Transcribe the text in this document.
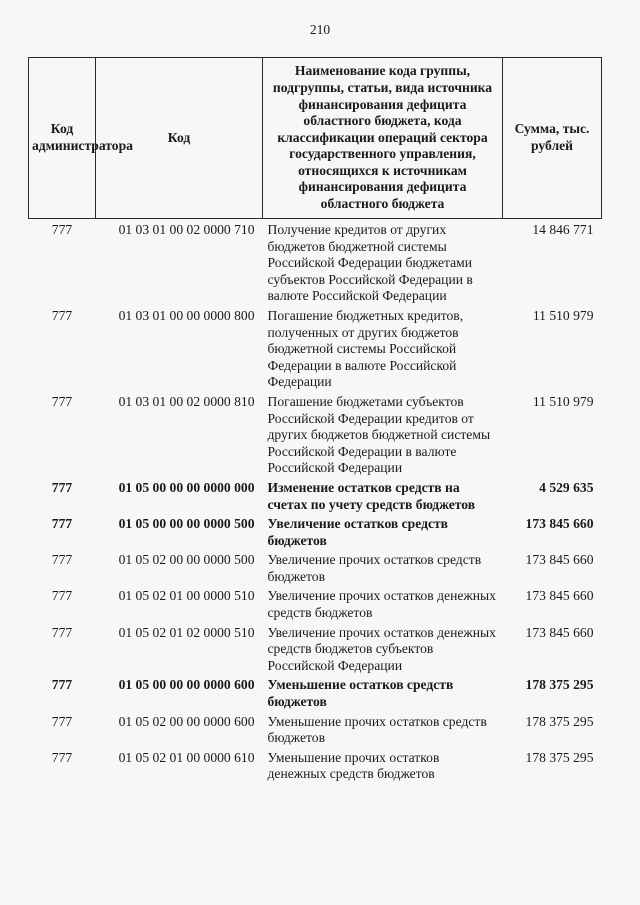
210
Код администратора	Код	Наименование кода группы, подгруппы, статьи, вида источника финансирования дефицита областного бюджета, кода классификации операций сектора государственного управления, относящихся к источникам финансирования дефицита областного бюджета	Сумма, тыс. рублей
777	01 03 01 00 02 0000 710	Получение кредитов от других бюджетов бюджетной системы Российской Федерации бюджетами субъектов Российской Федерации в валюте Российской Федерации	14 846 771
777	01 03 01 00 00 0000 800	Погашение бюджетных кредитов, полученных от других бюджетов бюджетной системы Российской Федерации в валюте Российской Федерации	11 510 979
777	01 03 01 00 02 0000 810	Погашение бюджетами субъектов Российской Федерации кредитов от других бюджетов бюджетной системы Российской Федерации в валюте Российской Федерации	11 510 979
777	01 05 00 00 00 0000 000	Изменение остатков средств на счетах по учету средств бюджетов	4 529 635
777	01 05 00 00 00 0000 500	Увеличение остатков средств бюджетов	173 845 660
777	01 05 02 00 00 0000 500	Увеличение прочих остатков средств бюджетов	173 845 660
777	01 05 02 01 00 0000 510	Увеличение прочих остатков денежных средств бюджетов	173 845 660
777	01 05 02 01 02 0000 510	Увеличение прочих остатков денежных средств бюджетов субъектов Российской Федерации	173 845 660
777	01 05 00 00 00 0000 600	Уменьшение остатков средств бюджетов	178 375 295
777	01 05 02 00 00 0000 600	Уменьшение прочих остатков средств бюджетов	178 375 295
777	01 05 02 01 00 0000 610	Уменьшение прочих остатков денежных средств бюджетов	178 375 295
